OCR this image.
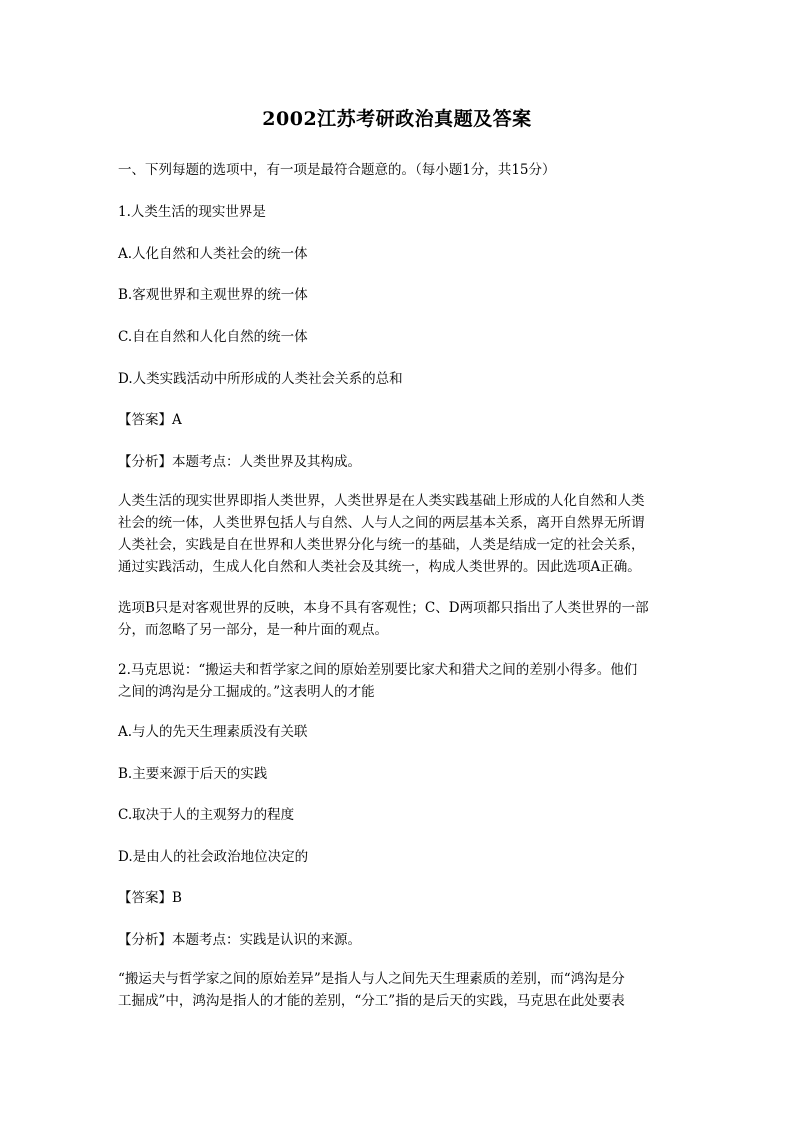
2002江苏考研政治真题及答案
一、下列每题的选项中，有一项是最符合题意的。（每小题1分，共15分）
1.人类生活的现实世界是
A.人化自然和人类社会的统一体
B.客观世界和主观世界的统一体
C.自在自然和人化自然的统一体
D.人类实践活动中所形成的人类社会关系的总和
【答案】A
【分析】本题考点：人类世界及其构成。
人类生活的现实世界即指人类世界，人类世界是在人类实践基础上形成的人化自然和人类
社会的统一体，人类世界包括人与自然、人与人之间的两层基本关系，离开自然界无所谓
人类社会，实践是自在世界和人类世界分化与统一的基础，人类是结成一定的社会关系，
通过实践活动，生成人化自然和人类社会及其统一，构成人类世界的。因此选项A正确。
选项B只是对客观世界的反映，本身不具有客观性；C、D两项都只指出了人类世界的一部
分，而忽略了另一部分，是一种片面的观点。
2.马克思说：“搬运夫和哲学家之间的原始差别要比家犬和猎犬之间的差别小得多。他们
之间的鸿沟是分工掘成的。”这表明人的才能
A.与人的先天生理素质没有关联
B.主要来源于后天的实践
C.取决于人的主观努力的程度
D.是由人的社会政治地位决定的
【答案】B
【分析】本题考点：实践是认识的来源。
“搬运夫与哲学家之间的原始差异”是指人与人之间先天生理素质的差别，而“鸿沟是分
工掘成”中，鸿沟是指人的才能的差别，“分工”指的是后天的实践，马克思在此处要表
